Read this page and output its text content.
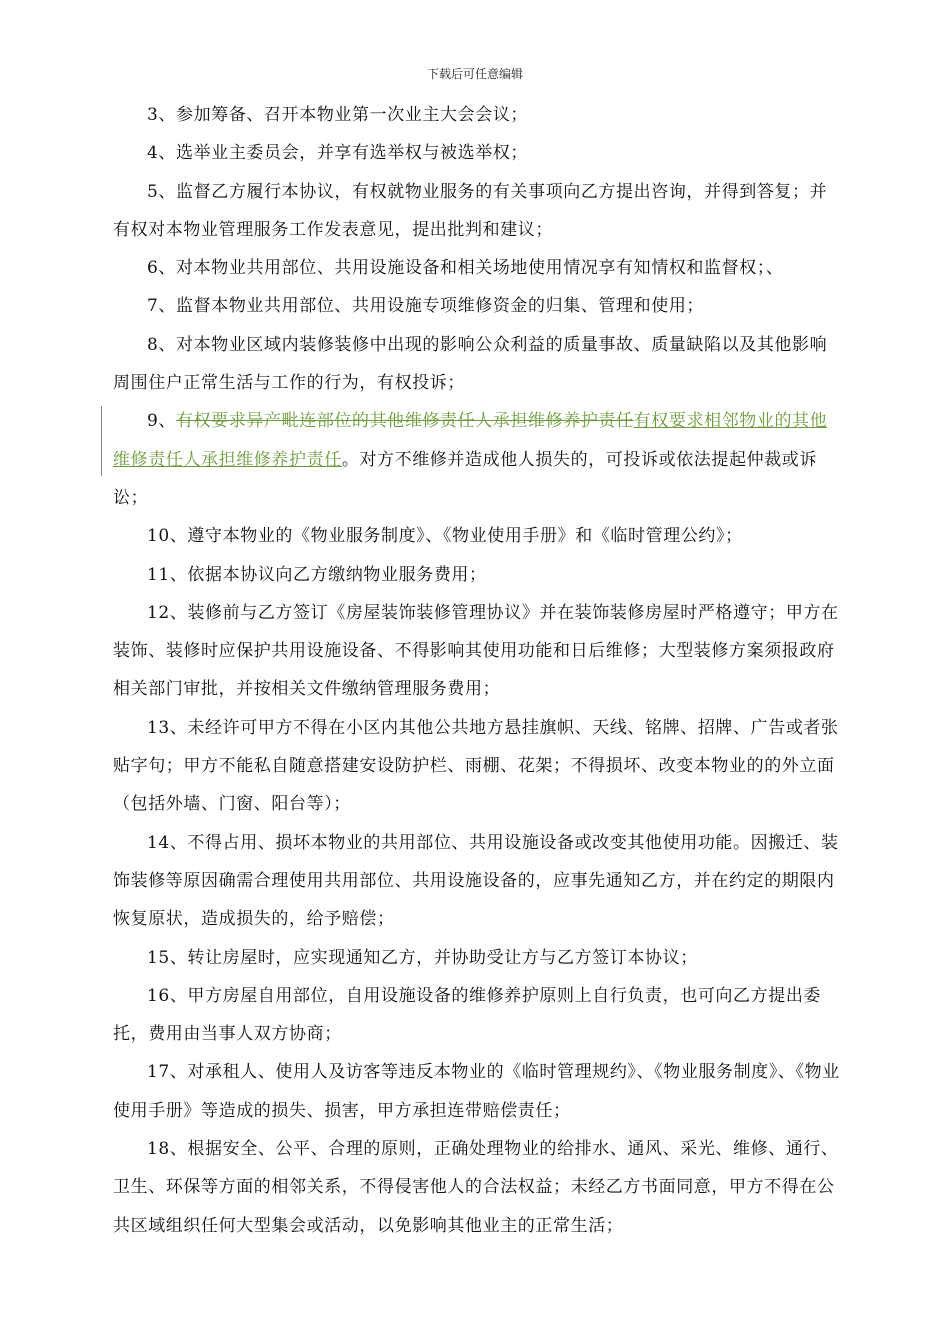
下载后可任意编辑

3、参加筹备、召开本物业第一次业主大会会议；

4、选举业主委员会，并享有选举权与被选举权；

5、监督乙方履行本协议，有权就物业服务的有关事项向乙方提出咨询，并得到答复；并有权对本物业管理服务工作发表意见，提出批判和建议；

6、对本物业共用部位、共用设施设备和相关场地使用情况享有知情权和监督权；、

7、监督本物业共用部位、共用设施专项维修资金的归集、管理和使用；

8、对本物业区域内装修装修中出现的影响公众利益的质量事故、质量缺陷以及其他影响周围住户正常生活与工作的行为，有权投诉；

9、有权要求异产毗连部位的其他维修责任人承担维修养护责任有权要求相邻物业的其他维修责任人承担维修养护责任。对方不维修并造成他人损失的，可投诉或依法提起仲裁或诉讼；

10、遵守本物业的《物业服务制度》、《物业使用手册》和《临时管理公约》；

11、依据本协议向乙方缴纳物业服务费用；

12、装修前与乙方签订《房屋装饰装修管理协议》并在装饰装修房屋时严格遵守；甲方在装饰、装修时应保护共用设施设备、不得影响其使用功能和日后维修；大型装修方案须报政府相关部门审批，并按相关文件缴纳管理服务费用；

13、未经许可甲方不得在小区内其他公共地方悬挂旗帜、天线、铭牌、招牌、广告或者张贴字句；甲方不能私自随意搭建安设防护栏、雨棚、花架；不得损坏、改变本物业的的外立面（包括外墙、门窗、阳台等）；

14、不得占用、损坏本物业的共用部位、共用设施设备或改变其他使用功能。因搬迁、装饰装修等原因确需合理使用共用部位、共用设施设备的，应事先通知乙方，并在约定的期限内恢复原状，造成损失的，给予赔偿；

15、转让房屋时，应实现通知乙方，并协助受让方与乙方签订本协议；

16、甲方房屋自用部位，自用设施设备的维修养护原则上自行负责，也可向乙方提出委托，费用由当事人双方协商；

17、对承租人、使用人及访客等违反本物业的《临时管理规约》、《物业服务制度》、《物业使用手册》等造成的损失、损害，甲方承担连带赔偿责任；

18、根据安全、公平、合理的原则，正确处理物业的给排水、通风、采光、维修、通行、卫生、环保等方面的相邻关系，不得侵害他人的合法权益；未经乙方书面同意，甲方不得在公共区域组织任何大型集会或活动，以免影响其他业主的正常生活；
